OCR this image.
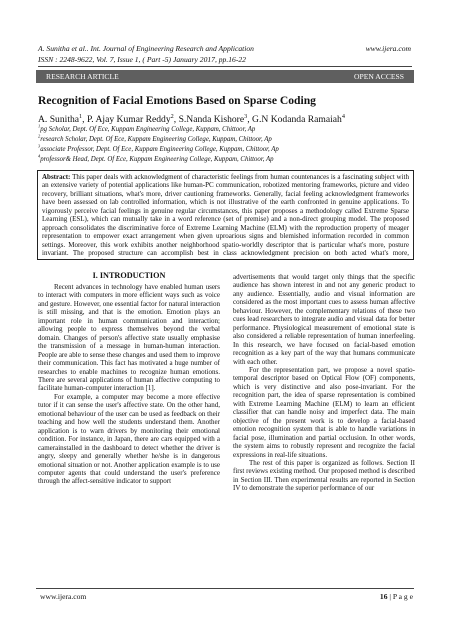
A. Sunitha et al.. Int. Journal of Engineering Research and Application	www.ijera.com
ISSN : 2248-9622, Vol. 7, Issue 1, ( Part -5) January 2017, pp.16-22
RESEARCH ARTICLE	OPEN ACCESS
Recognition of Facial Emotions Based on Sparse Coding
A. Sunitha$^1$, P. Ajay Kumar Reddy$^2$, S.Nanda Kishore$^3$, G.N Kodanda Ramaiah$^4$
$^1$pg Scholar, Dept. Of Ece, Kuppam Engineering College, Kuppam, Chittoor, Ap
$^2$research Scholar, Dept. Of Ece, Kuppam Engineering College, Kuppam, Chittoor, Ap
$^3$associate Professor, Dept. Of Ece, Kuppam Engineering College, Kuppam, Chittoor, Ap
$^4$professor& Head, Dept. Of Ece, Kuppam Engineering College, Kuppam, Chittoor, Ap
Abstract: This paper deals with acknowledgment of characteristic feelings from human countenances is a fascinating subject with an extensive variety of potential applications like human-PC communication, robotized mentoring frameworks, picture and video recovery, brilliant situations, what's more, driver cautioning frameworks. Generally, facial feeling acknowledgment frameworks have been assessed on lab controlled information, which is not illustrative of the earth confronted in genuine applications. To vigorously perceive facial feelings in genuine regular circumstances, this paper proposes a methodology called Extreme Sparse Learning (ESL), which can mutually take in a word reference (set of premise) and a non-direct grouping model. The proposed approach consolidates the discriminative force of Extreme Learning Machine (ELM) with the reproduction property of meager representation to empower exact arrangement when given uproarious signs and blemished information recorded in common settings. Moreover, this work exhibits another neighborhood spatio-worldly descriptor that is particular what's more, posture invariant. The proposed structure can accomplish best in class acknowledgment precision on both acted what's more,

I. INTRODUCTION

Recent advances in technology have enabled human users to interact with computers in more efficient ways such as voice and gesture. However, one essential factor for natural interaction is still missing, and that is the emotion. Emotion plays an important role in human communication and interaction; allowing people to express themselves beyond the verbal domain. Changes of person's affective state usually emphasise the transmission of a message in human-human interaction. People are able to sense these changes and used them to improve their communication. This fact has motivated a huge number of researches to enable machines to recognize human emotions. There are several applications of human affective computing to facilitate human-computer interaction [1].

For example, a computer may become a more effective tutor if it can sense the user's affective state. On the other hand, emotional behaviour of the user can be used as feedback on their teaching and how well the students understand them. Another application is to warn drivers by monitoring their emotional condition. For instance, in Japan, there are cars equipped with a camerainstalled in the dashboard to detect whether the driver is angry, sleepy and generally whether he/she is in dangerous emotional situation or not. Another application example is to use computer agents that could understand the user's preference through the affect-sensitive indicator to support

advertisements that would target only things that the specific audience has shown interest in and not any generic product to any audience. Essentially, audio and visual information are considered as the most important cues to assess human affective behaviour. However, the complementary relations of these two cues lead researchers to integrate audio and visual data for better performance. Physiological measurement of emotional state is also considered a reliable representation of human innerfeeling. In this research, we have focused on facial-based emotion recognition as a key part of the way that humans communicate with each other.

For the representation part, we propose a novel spatio-temporal descriptor based on Optical Flow (OF) components, which is very distinctive and also pose-invariant. For the recognition part, the idea of sparse representation is combined with Extreme Learning Machine (ELM) to learn an efficient classifier that can handle noisy and imperfect data. The main objective of the present work is to develop a facial-based emotion recognition system that is able to handle variations in facial pose, illumination and partial occlusion. In other words, the system aims to robustly represent and recognize the facial expressions in real-life situations.

The rest of this paper is organized as follows. Section II first reviews existing method. Our proposed method is described in Section III. Then experimental results are reported in Section IV to demonstrate the superior performance of our

www.ijera.com	16 | P a g e
